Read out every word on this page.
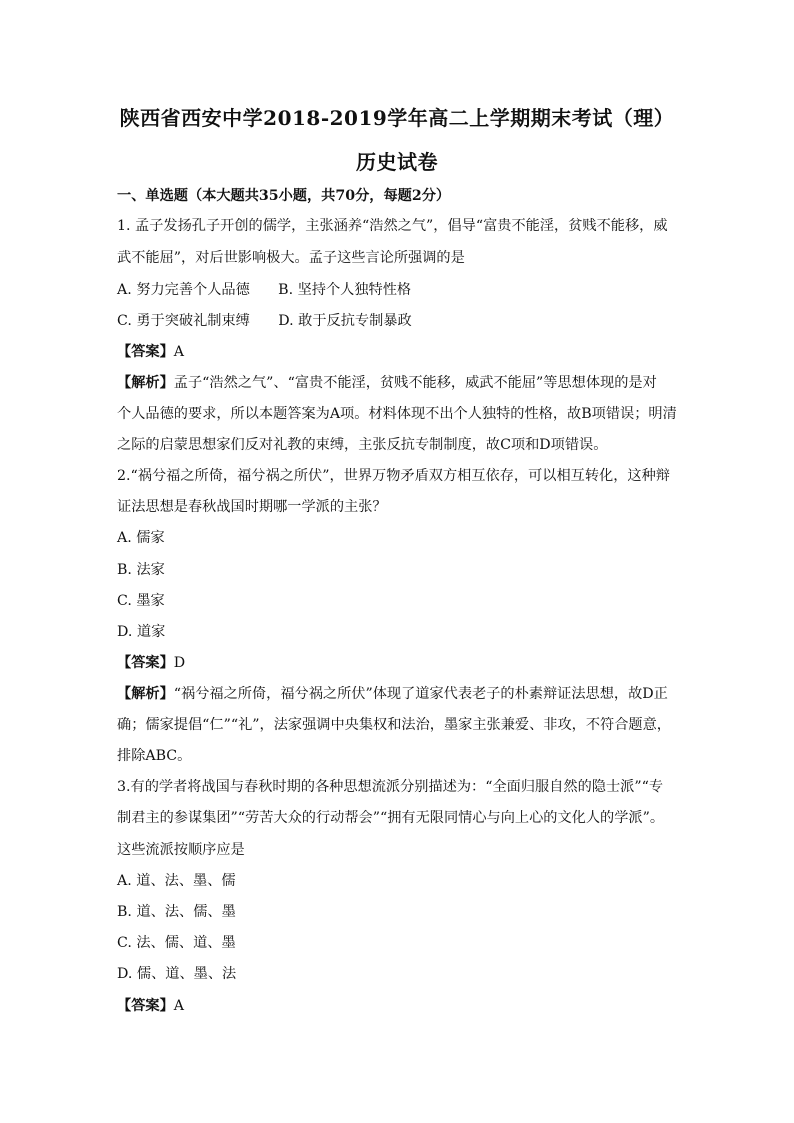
陕西省西安中学2018-2019学年高二上学期期末考试（理）
历史试卷
一、单选题（本大题共35小题，共70分，每题2分）
1. 孟子发扬孔子开创的儒学，主张涵养“浩然之气”，倡导“富贵不能淫，贫贱不能移，威
武不能屈”，对后世影响极大。孟子这些言论所强调的是
A. 努力完善个人品德　　B. 坚持个人独特性格
C. 勇于突破礼制束缚　　D. 敢于反抗专制暴政
【答案】A
【解析】孟子“浩然之气”、“富贵不能淫，贫贱不能移，威武不能屈”等思想体现的是对
个人品德的要求，所以本题答案为A项。材料体现不出个人独特的性格，故B项错误；明清
之际的启蒙思想家们反对礼教的束缚，主张反抗专制制度，故C项和D项错误。
2.“祸兮福之所倚，福兮祸之所伏”，世界万物矛盾双方相互依存，可以相互转化，这种辩
证法思想是春秋战国时期哪一学派的主张？
A. 儒家
B. 法家
C. 墨家
D. 道家
【答案】D
【解析】“祸兮福之所倚，福兮祸之所伏”体现了道家代表老子的朴素辩证法思想，故D正
确；儒家提倡“仁”“礼”，法家强调中央集权和法治，墨家主张兼爱、非攻，不符合题意，
排除ABC。
3.有的学者将战国与春秋时期的各种思想流派分别描述为：“全面归服自然的隐士派”“专
制君主的参谋集团”“劳苦大众的行动帮会”“拥有无限同情心与向上心的文化人的学派”。
这些流派按顺序应是
A. 道、法、墨、儒
B. 道、法、儒、墨
C. 法、儒、道、墨
D. 儒、道、墨、法
【答案】A
